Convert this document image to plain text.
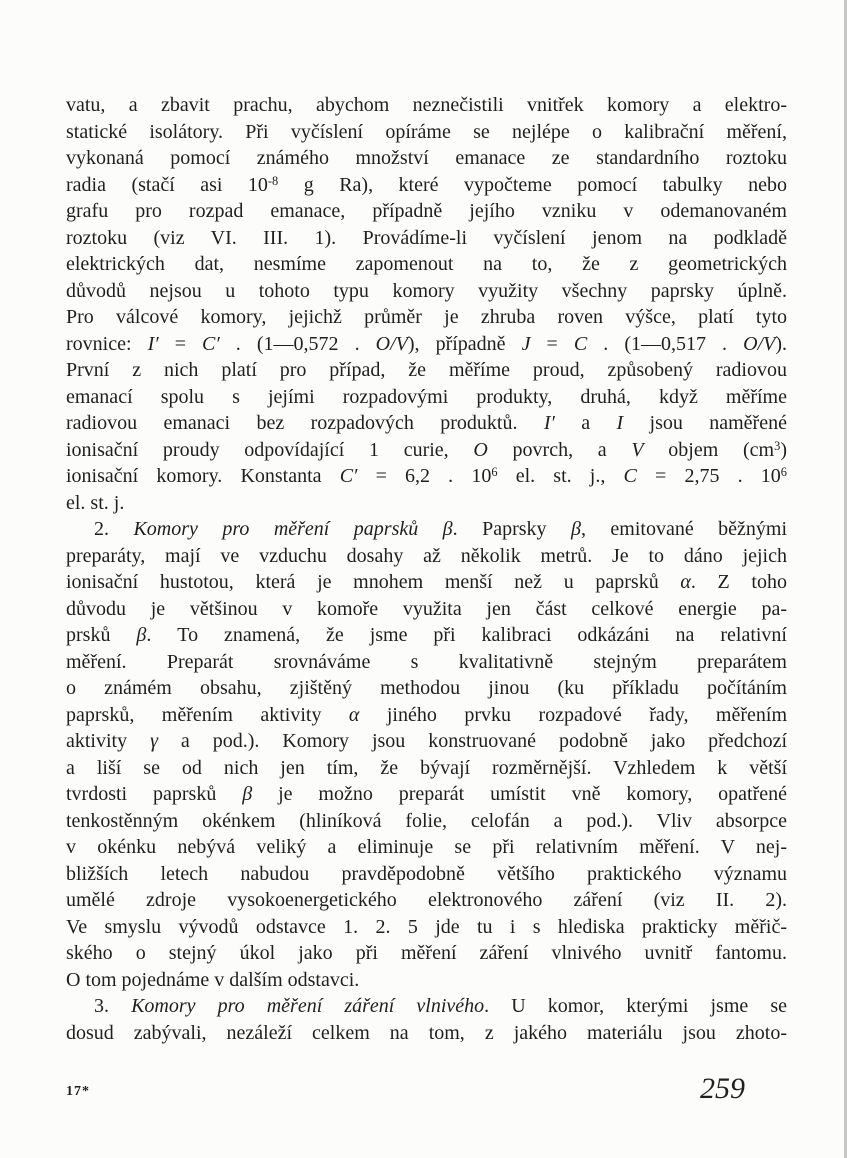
vatu, a zbavit prachu, abychom neznečistili vnitřek komory a elektro-
statické isolátory. Při vyčíslení opíráme se nejlépe o kalibrační měření,
vykonaná pomocí známého množství emanace ze standardního roztoku
radia (stačí asi $10^{-8}$ g Ra), které vypočteme pomocí tabulky nebo
grafu pro rozpad emanace, případně jejího vzniku v odemanovaném
roztoku (viz VI. III. 1). Provádíme-li vyčíslení jenom na podkladě
elektrických dat, nesmíme zapomenout na to, že z geometrických
důvodů nejsou u tohoto typu komory využity všechny paprsky úplně.
Pro válcové komory, jejichž průměr je zhruba roven výšce, platí tyto
rovnice: I′ = C′ . (1—0,572 . O/V), případně J = C . (1—0,517 . O/V).
První z nich platí pro případ, že měříme proud, způsobený radiovou
emanací spolu s jejími rozpadovými produkty, druhá, když měříme
radiovou emanaci bez rozpadových produktů. I′ a I jsou naměřené
ionisační proudy odpovídající 1 curie, O povrch, a V objem $(cm^3)$
ionisační komory. Konstanta C′ = 6,2 . $10^6$ el. st. j., C = 2,75 . $10^6$
el. st. j.
2. Komory pro měření paprsků β. Paprsky β, emitované běžnými
preparáty, mají ve vzduchu dosahy až několik metrů. Je to dáno jejich
ionisační hustotou, která je mnohem menší než u paprsků α. Z toho
důvodu je většinou v komoře využita jen část celkové energie pa-
prsků β. To znamená, že jsme při kalibraci odkázáni na relativní
měření. Preparát srovnáváme s kvalitativně stejným preparátem
o známém obsahu, zjištěný methodou jinou (ku příkladu počítáním
paprsků, měřením aktivity α jiného prvku rozpadové řady, měřením
aktivity γ a pod.). Komory jsou konstruované podobně jako předchozí
a liší se od nich jen tím, že bývají rozměrnější. Vzhledem k větší
tvrdosti paprsků β je možno preparát umístit vně komory, opatřené
tenkostěnným okénkem (hliníková folie, celofán a pod.). Vliv absorpce
v okénku nebývá veliký a eliminuje se při relativním měření. V nej-
bližších letech nabudou pravděpodobně většího praktického významu
umělé zdroje vysokoenergetického elektronového záření (viz II. 2).
Ve smyslu vývodů odstavce 1. 2. 5 jde tu i s hlediska prakticky měřič-
ského o stejný úkol jako při měření záření vlnivého uvnitř fantomu.
O tom pojednáme v dalším odstavci.
3. Komory pro měření záření vlnivého. U komor, kterými jsme se
dosud zabývali, nezáleží celkem na tom, z jakého materiálu jsou zhoto-
17*	259
